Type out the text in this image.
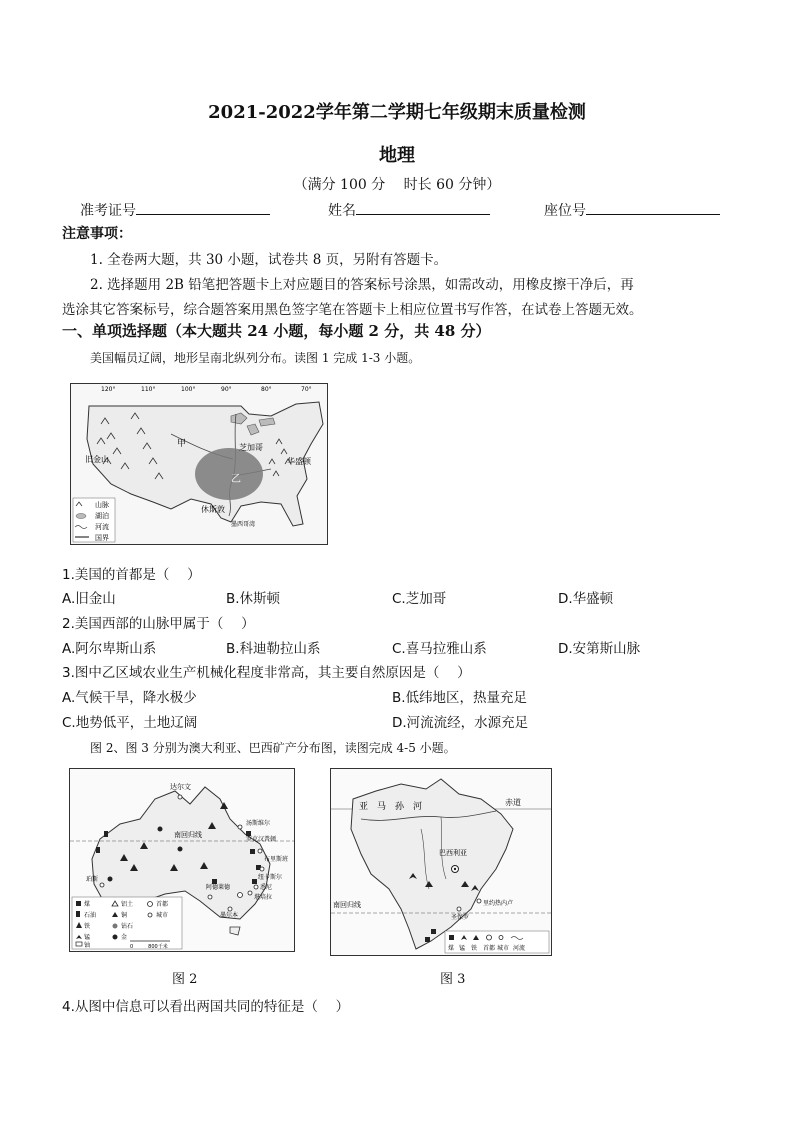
2021-2022学年第二学期七年级期末质量检测
地理
（满分 100 分　 时长 60 分钟）
准考证号	姓名	座位号
注意事项：
1. 全卷两大题，共 30 小题，试卷共 8 页，另附有答题卡。
2. 选择题用 2B 铅笔把答题卡上对应题目的答案标号涂黑，如需改动，用橡皮擦干净后，再
选涂其它答案标号，综合题答案用黑色签字笔在答题卡上相应位置书写作答，在试卷上答题无效。
一、单项选择题（本大题共 24 小题，每小题 2 分，共 48 分）
美国幅员辽阔，地形呈南北纵列分布。读图 1 完成 1-3 小题。
120°	110°	100°	90°	80°	70°
甲
乙
旧金山
芝加哥
休斯敦
华盛顿
墨西哥湾
山脉
湖泊
河流
国界
1.美国的首都是（　 ）
A.旧金山	B.休斯顿	C.芝加哥	D.华盛顿
2.美国西部的山脉甲属于（　 ）
A.阿尔卑斯山系	B.科迪勒拉山系	C.喜马拉雅山系	D.安第斯山脉
3.图中乙区域农业生产机械化程度非常高，其主要自然原因是（　 ）
A.气候干旱，降水极少	B.低纬地区，热量充足
C.地势低平，土地辽阔	D.河流流经，水源充足
图 2、图 3 分别为澳大利亚、巴西矿产分布图，读图完成 4-5 小题。
南回归线
达尔文
汤斯维尔
罗克汉普顿
布里斯班
纽卡斯尔
悉尼
堪培拉
阿德莱德
墨尔本
珀斯
煤	铝土	首都
石油	铜	城市
铁	钻石
锰	金
铀	0　　　800千米
图 2
赤道
南回归线
亚　马　孙　河
巴西利亚
里约热内卢
圣保罗
煤 锰 铁 首都 城市 河流
图 3
4.从图中信息可以看出两国共同的特征是（　 ）
